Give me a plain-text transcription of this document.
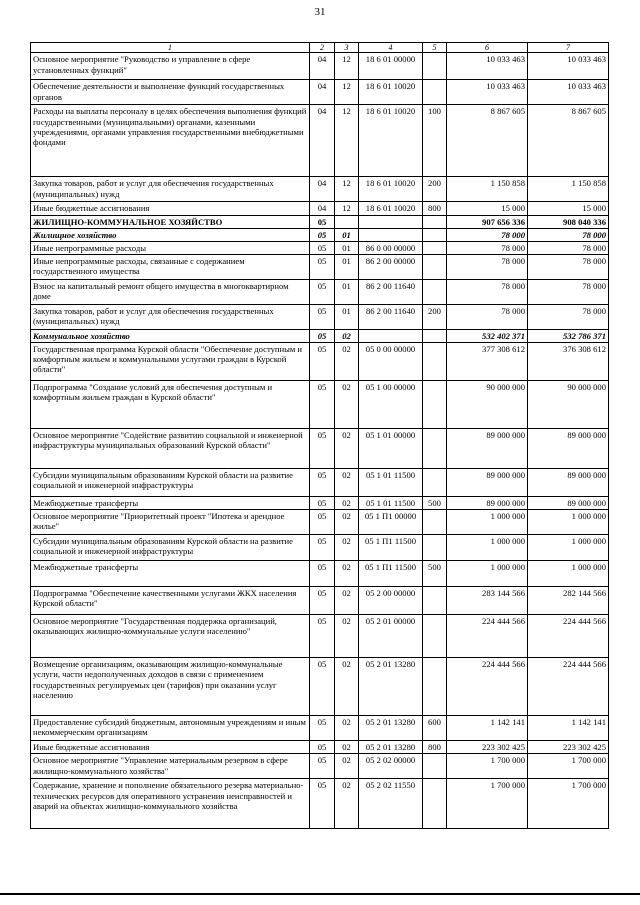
31
1	2	3	4	5	6	7
Основное мероприятие "Руководство и управление в сфере установленных функций"	04	12	18 6 01 00000		10 033 463	10 033 463
Обеспечение деятельности и выполнение функций государственных органов	04	12	18 6 01 10020		10 033 463	10 033 463
Расходы на выплаты персоналу в целях обеспечения выполнения функций государственными (муниципальными) органами, казенными учреждениями, органами управления государственными внебюджетными фондами	04	12	18 6 01 10020	100	8 867 605	8 867 605
Закупка товаров, работ и услуг для обеспечения государственных (муниципальных) нужд	04	12	18 6 01 10020	200	1 150 858	1 150 858
Иные бюджетные ассигнования	04	12	18 6 01 10020	800	15 000	15 000
ЖИЛИЩНО-КОММУНАЛЬНОЕ ХОЗЯЙСТВО	05				907 656 336	908 040 336
Жилищное хозяйство	05	01			78 000	78 000
Иные непрограммные расходы	05	01	86 0 00 00000		78 000	78 000
Иные непрограммные расходы, связанные с содержанием государственного имущества	05	01	86 2 00 00000		78 000	78 000
Взнос на капитальный ремонт общего имущества в многоквартирном доме	05	01	86 2 00 11640		78 000	78 000
Закупка товаров, работ и услуг для обеспечения государственных (муниципальных) нужд	05	01	86 2 00 11640	200	78 000	78 000
Коммунальное хозяйство	05	02			532 402 371	532 786 371
Государственная программа Курской области "Обеспечение доступным и комфортным жильем и коммунальными услугами граждан в Курской области"	05	02	05 0 00 00000		377 308 612	376 308 612
Подпрограмма "Создание условий для обеспечения доступным и комфортным жильем граждан в Курской области"	05	02	05 1 00 00000		90 000 000	90 000 000
Основное мероприятие "Содействие развитию социальной и инженерной инфраструктуры муниципальных образований Курской области"	05	02	05 1 01 00000		89 000 000	89 000 000
Субсидии муниципальным образованиям Курской области на развитие социальной и инженерной инфраструктуры	05	02	05 1 01 11500		89 000 000	89 000 000
Межбюджетные трансферты	05	02	05 1 01 11500	500	89 000 000	89 000 000
Основное мероприятие "Приоритетный проект "Ипотека и арендное жилье"	05	02	05 1 П1 00000		1 000 000	1 000 000
Субсидии муниципальным образованиям Курской области на развитие социальной и инженерной инфраструктуры	05	02	05 1 П1 11500		1 000 000	1 000 000
Межбюджетные трансферты	05	02	05 1 П1 11500	500	1 000 000	1 000 000
Подпрограмма "Обеспечение качественными услугами ЖКХ населения Курской области"	05	02	05 2 00 00000		283 144 566	282 144 566
Основное мероприятие "Государственная поддержка организаций, оказывающих жилищно-коммунальные услуги населению"	05	02	05 2 01 00000		224 444 566	224 444 566
Возмещение организациям, оказывающим жилищно-коммунальные услуги, части недополученных доходов в связи с применением государственных регулируемых цен (тарифов) при оказании услуг населению	05	02	05 2 01 13280		224 444 566	224 444 566
Предоставление субсидий бюджетным, автономным учреждениям и иным некоммерческим организациям	05	02	05 2 01 13280	600	1 142 141	1 142 141
Иные бюджетные ассигнования	05	02	05 2 01 13280	800	223 302 425	223 302 425
Основное мероприятие "Управление материальным резервом в сфере жилищно-коммунального хозяйства"	05	02	05 2 02 00000		1 700 000	1 700 000
Содержание, хранение и пополнение обязательного резерва материально-технических ресурсов для оперативного устранения неисправностей и аварий на объектах жилищно-коммунального хозяйства	05	02	05 2 02 11550		1 700 000	1 700 000
